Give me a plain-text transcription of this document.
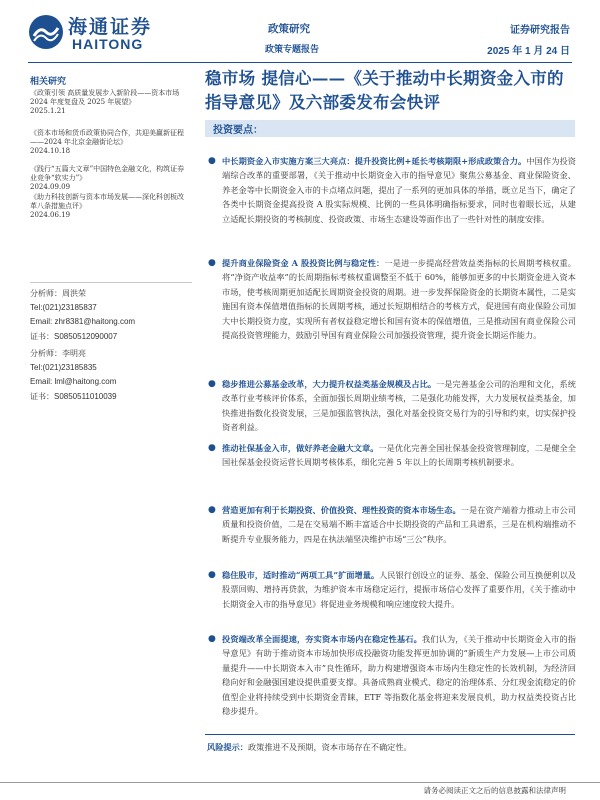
海通证券
HAITONG
政策研究
政策专题报告
证券研究报告
2025 年 1 月 24 日
相关研究
《政策引领 高质量发展步入新阶段——资本市场 2024 年度复盘及 2025 年展望》
2025.1.21
《资本市场和货币政策协同合作，共迎美赢新征程——2024 年北京金融街论坛》
2024.10.18
《践行“五篇大文章”中国特色金融文化，构筑证券业竞争“软实力”》
2024.09.09
《助力科技创新与资本市场发展——深化科创板改革八条措施点评》
2024.06.19
分析师：周洪荣
Tel:(021)23185837
Email: zhr8381@haitong.com
证书：S0850512090007
分析师：李明亮
Tel:(021)23185835
Email: lml@haitong.com
证书：S0850511010039
稳市场 提信心——《关于推动中长期资金入市的指导意见》及六部委发布会快评
投资要点：
● 中长期资金入市实施方案三大亮点：提升投资比例+延长考核期限+形成政策合力。中国作为投资端综合改革的重要部署，《关于推动中长期资金入市的指导意见》聚焦公募基金、商业保险资金、养老金等中长期资金入市的卡点堵点问题，提出了一系列的更加具体的举措，既立足当下，确定了各类中长期资金提高投资 A 股实际规模、比例的一些具体明确指标要求，同时也着眼长远，从建立适配长期投资的考核制度、投资政策、市场生态建设等面作出了一些针对性的制度安排。
● 提升商业保险资金 A 股投资比例与稳定性：一是进一步提高经营效益类指标的长周期考核权重。将“净资产收益率”的长周期指标考核权重调整至不低于 60%，能够加更多的中长期资金进入资本市场，使考核周期更加适配长周期资金投资的周期。进一步发挥保险资金的长期资本属性，二是实施国有资本保值增值指标的长周期考核，通过长短期相结合的考核方式，促进国有商业保险公司加大中长期投资力度，实现所有者权益稳定增长和国有资本的保值增值，三是推动国有商业保险公司提高投资管理能力，鼓励引导国有商业保险公司加强投资管理，提升资金长期运作能力。
● 稳步推进公募基金改革，大力提升权益类基金规模及占比。一是完善基金公司的治理和文化，系统改革行业考核评价体系，全面加强长周期业绩考核，二是强化功能发挥，大力发展权益类基金，加快推进指数化投资发展，三是加强监管执法，强化对基金投资交易行为的引导和约束，切实保护投资者利益。
● 推动社保基金入市，做好养老金融大文章。一是优化完善全国社保基金投资管理制度，二是健全全国社保基金投资运营长周期考核体系，细化完善 5 年以上的长周期考核机制要求。
● 营造更加有利于长期投资、价值投资、理性投资的资本市场生态。一是在资产端着力推动上市公司质量和投资价值，二是在交易端不断丰富适合中长期投资的产品和工具谱系，三是在机构端推动不断提升专业服务能力，四是在执法端坚决维护市场“三公”秩序。
● 稳住股市，适时推动“两项工具”扩面增量。人民银行创设立的证券、基金、保险公司互换便利以及股票回购、增持再贷款，为维护资本市场稳定运行，提振市场信心发挥了重要作用，《关于推动中长期资金入市的指导意见》将促进业务规模和响应速度较大提升。
● 投资端改革全面提速，夯实资本市场内在稳定性基石。我们认为，《关于推动中长期资金入市的指导意见》有助于推动资本市场加快形成投融资功能发挥更加协调的“新质生产力发展—上市公司质量提升——中长期资本入市”良性循环，助力构建增强资本市场内生稳定性的长效机制，为经济回稳向好和金融强国建设提供重要支撑。具备成熟商业模式、稳定的治理体系、分红现金流稳定的价值型企业将持续受到中长期资金青睐，ETF 等指数化基金将迎来发展良机，助力权益类投资占比稳步提升。
风险提示：政策推进不及预期，资本市场存在不确定性。
请务必阅读正文之后的信息披露和法律声明
